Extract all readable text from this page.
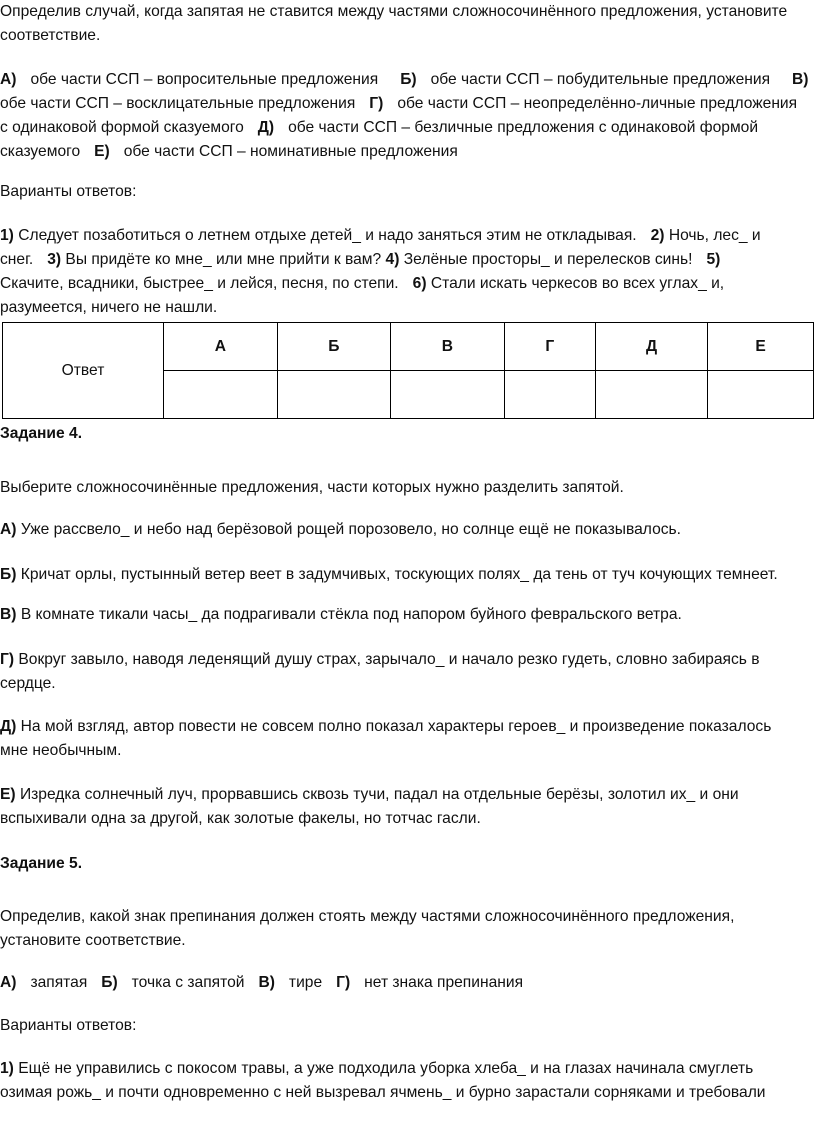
Определив случай, когда запятая не ставится между частями сложносочинённого предложения, установите
соответствие.
А) обе части ССП – вопросительные предложения Б) обе части ССП – побудительные предложения В)
обе части ССП – восклицательные предложения Г) обе части ССП – неопределённо-личные предложения
с одинаковой формой сказуемого Д) обе части ССП – безличные предложения с одинаковой формой
сказуемого Е) обе части ССП – номинативные предложения
Варианты ответов:
1) Следует позаботиться о летнем отдыхе детей_ и надо заняться этим не откладывая. 2) Ночь, лес_ и
снег. 3) Вы придёте ко мне_ или мне прийти к вам? 4) Зелёные просторы_ и перелесков синь! 5)
Скачите, всадники, быстрее_ и лейся, песня, по степи. 6) Стали искать черкесов во всех углах_ и,
разумеется, ничего не нашли.
Ответ	А	Б	В	Г	Д	Е

Задание 4.
Выберите сложносочинённые предложения, части которых нужно разделить запятой.
А) Уже рассвело_ и небо над берёзовой рощей порозовело, но солнце ещё не показывалось.
Б) Кричат орлы, пустынный ветер веет в задумчивых, тоскующих полях_ да тень от туч кочующих темнеет.
В) В комнате тикали часы_ да подрагивали стёкла под напором буйного февральского ветра.
Г) Вокруг завыло, наводя леденящий душу страх, зарычало_ и начало резко гудеть, словно забираясь в
сердце.
Д) На мой взгляд, автор повести не совсем полно показал характеры героев_ и произведение показалось
мне необычным.
Е) Изредка солнечный луч, прорвавшись сквозь тучи, падал на отдельные берёзы, золотил их_ и они
вспыхивали одна за другой, как золотые факелы, но тотчас гасли.
Задание 5.
Определив, какой знак препинания должен стоять между частями сложносочинённого предложения,
установите соответствие.
А) запятая Б) точка с запятой В) тире Г) нет знака препинания
Варианты ответов:
1) Ещё не управились с покосом травы, а уже подходила уборка хлеба_ и на глазах начинала смуглеть
озимая рожь_ и почти одновременно с ней вызревал ячмень_ и бурно зарастали сорняками и требовали
